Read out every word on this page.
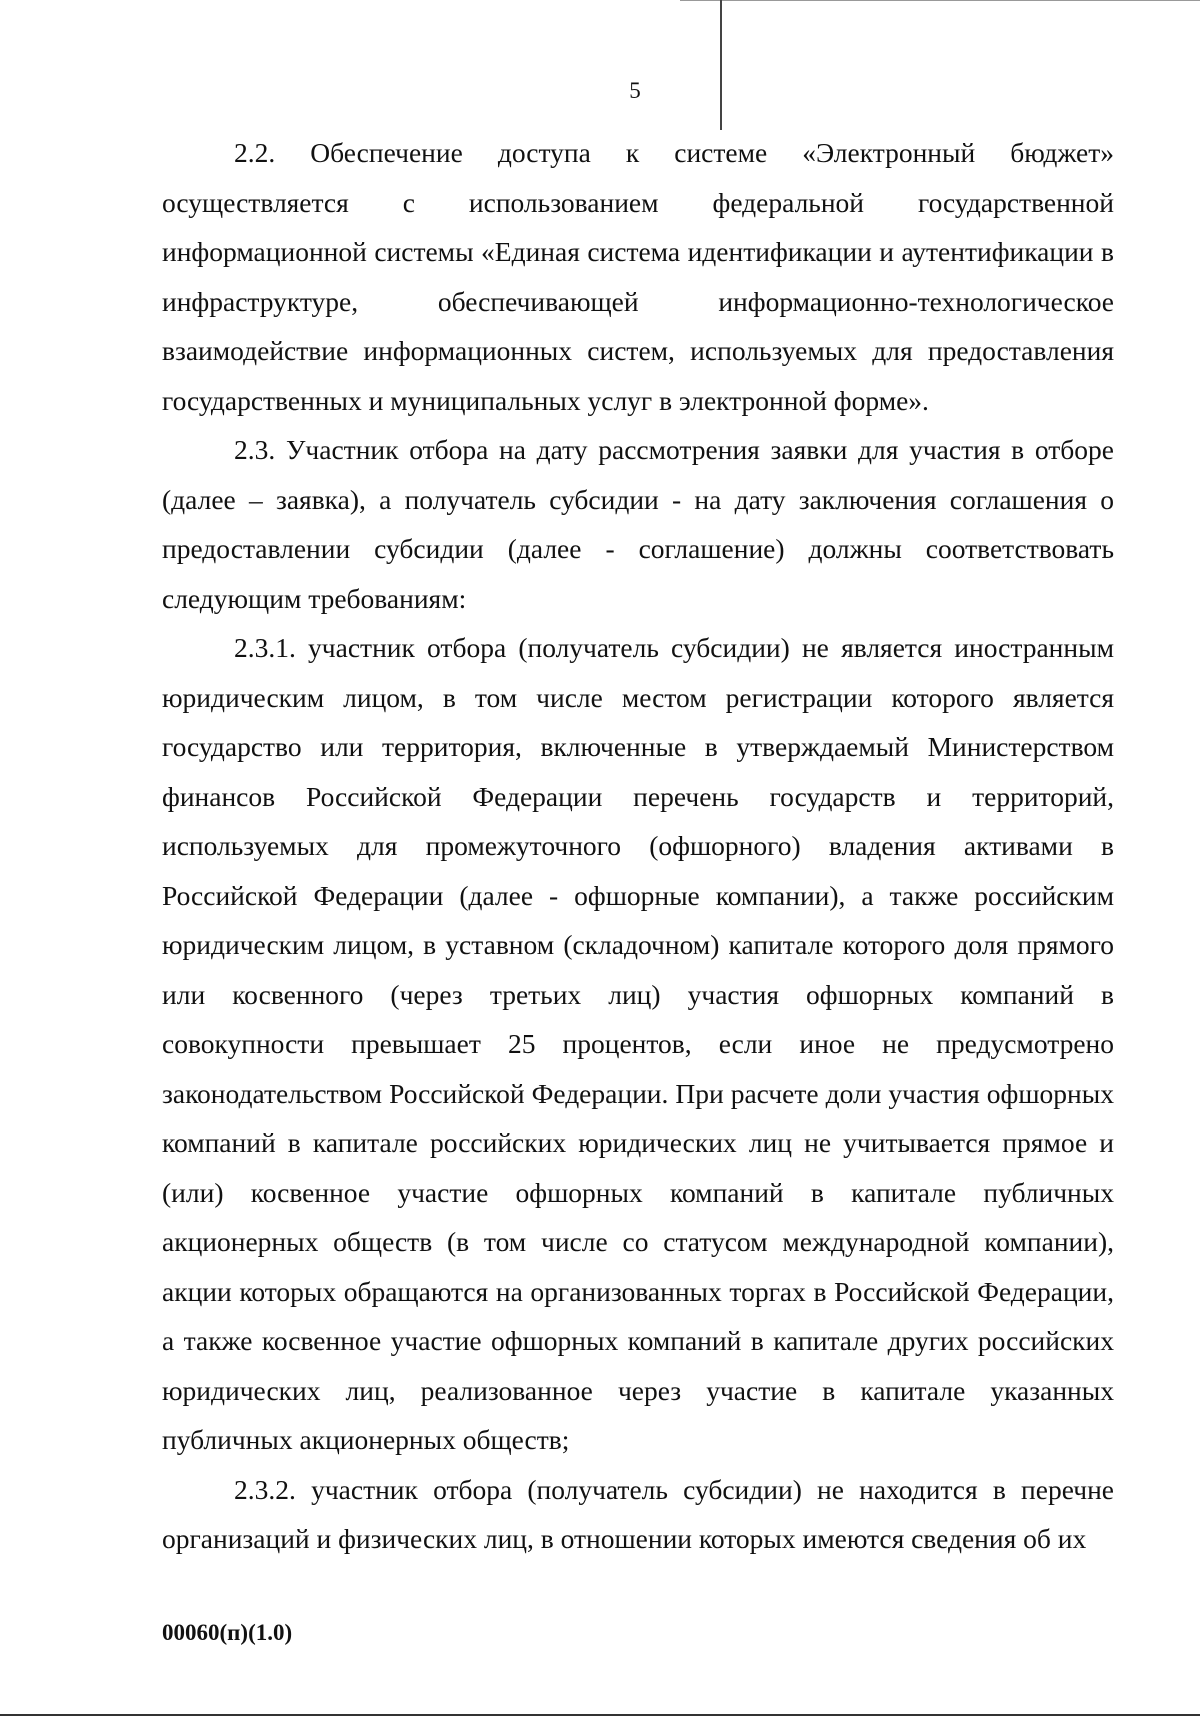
5

2.2. Обеспечение доступа к системе «Электронный бюджет» осуществляется с использованием федеральной государственной информационной системы «Единая система идентификации и аутентификации в инфраструктуре, обеспечивающей информационно-технологическое взаимодействие информационных систем, используемых для предоставления государственных и муниципальных услуг в электронной форме».

2.3. Участник отбора на дату рассмотрения заявки для участия в отборе (далее – заявка), а получатель субсидии - на дату заключения соглашения о предоставлении субсидии (далее - соглашение) должны соответствовать следующим требованиям:

2.3.1. участник отбора (получатель субсидии) не является иностранным юридическим лицом, в том числе местом регистрации которого является государство или территория, включенные в утверждаемый Министерством финансов Российской Федерации перечень государств и территорий, используемых для промежуточного (офшорного) владения активами в Российской Федерации (далее - офшорные компании), а также российским юридическим лицом, в уставном (складочном) капитале которого доля прямого или косвенного (через третьих лиц) участия офшорных компаний в совокупности превышает 25 процентов, если иное не предусмотрено законодательством Российской Федерации. При расчете доли участия офшорных компаний в капитале российских юридических лиц не учитывается прямое и (или) косвенное участие офшорных компаний в капитале публичных акционерных обществ (в том числе со статусом международной компании), акции которых обращаются на организованных торгах в Российской Федерации, а также косвенное участие офшорных компаний в капитале других российских юридических лиц, реализованное через участие в капитале указанных публичных акционерных обществ;

2.3.2. участник отбора (получатель субсидии) не находится в перечне организаций и физических лиц, в отношении которых имеются сведения об их

00060(п)(1.0)
